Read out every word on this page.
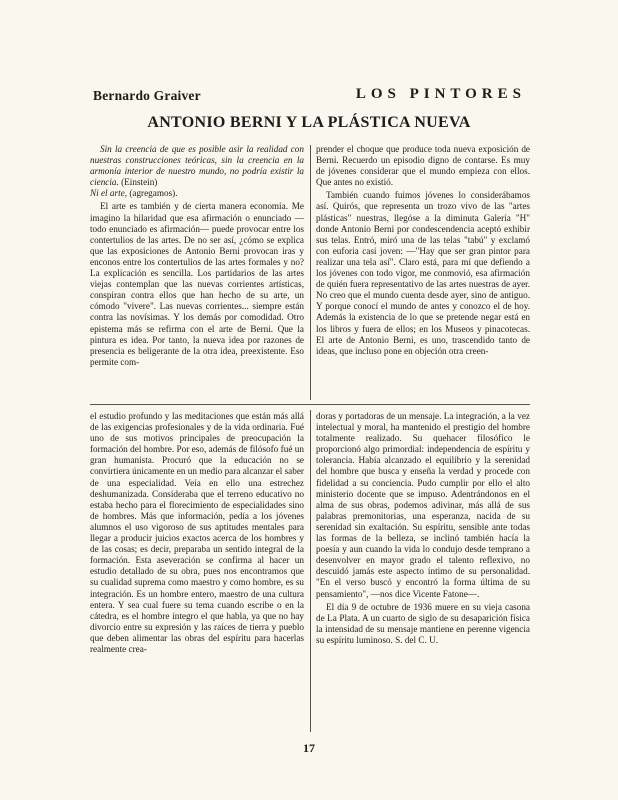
Bernardo Graiver	LOS PINTORES
ANTONIO BERNI Y LA PLÁSTICA NUEVA

Sin la creencia de que es posible asir la realidad con nuestras construcciones teóricas, sin la creencia en la armonía interior de nuestro mundo, no podría existir la ciencia. (Einstein)
Ni el arte, (agregamos).

El arte es también y de cierta manera economía. Me imagino la hilaridad que esa afirmación o enunciado —todo enunciado es afirmación— puede provocar entre los contertulios de las artes. De no ser así, ¿cómo se explica que las exposiciones de Antonio Berni provocan iras y enconos entre los contertulios de las artes formales y no? La explicación es sencilla. Los partidarios de las artes viejas contemplan que las nuevas corrientes artísticas, conspiran contra ellos que han hecho de su arte, un cómodo "vivere". Las nuevas corrientes... siempre están contra las novísimas. Y los demás por comodidad. Otro epistema más se refirma con el arte de Berni. Que la pintura es idea. Por tanto, la nueva idea por razones de presencia es beligerante de la otra idea, preexistente. Eso permite com-

prender el choque que produce toda nueva exposición de Berni. Recuerdo un episodio digno de contarse. Es muy de jóvenes considerar que el mundo empieza con ellos. Que antes no existió.

También cuando fuimos jóvenes lo considerábamos así. Quirós, que representa un trozo vivo de las "artes plásticas" nuestras, llegóse a la diminuta Galería "H" donde Antonio Berni por condescendencia aceptó exhibir sus telas. Entró, miró una de las telas "tabú" y exclamó con euforia casi joven: —"Hay que ser gran pintor para realizar una tela así". Claro está, para mí que defiendo a los jóvenes con todo vigor, me conmovió, esa afirmación de quién fuera representativo de las artes nuestras de ayer. No creo que el mundo cuenta desde ayer, sino de antiguo. Y porque conocí el mundo de antes y conozco el de hoy. Además la existencia de lo que se pretende negar está en los libros y fuera de ellos; en los Museos y pinacotecas. El arte de Antonio Berni, es uno, trascendido tanto de ideas, que incluso pone en objeción otra creen-

el estudio profundo y las meditaciones que están más allá de las exigencias profesionales y de la vida ordinaria. Fué uno de sus motivos principales de preocupación la formación del hombre. Por eso, además de filósofo fué un gran humanista. Procuró que la educación no se convirtiera únicamente en un medio para alcanzar el saber de una especialidad. Veía en ello una estrechez deshumanizada. Consideraba que el terreno educativo no estaba hecho para el florecimiento de especialidades sino de hombres. Más que información, pedía a los jóvenes alumnos el uso vigoroso de sus aptitudes mentales para llegar a producir juicios exactos acerca de los hombres y de las cosas; es decir, preparaba un sentido integral de la formación. Esta aseveración se confirma al hacer un estudio detallado de su obra, pues nos encontramos que su cualidad suprema como maestro y como hombre, es su integración. Es un hombre entero, maestro de una cultura entera. Y sea cual fuere su tema cuando escribe o en la cátedra, es el hombre íntegro el que habla, ya que no hay divorcio entre su expresión y las raíces de tierra y pueblo que deben alimentar las obras del espíritu para hacerlas realmente crea-

doras y portadoras de un mensaje. La integración, a la vez intelectual y moral, ha mantenido el prestigio del hombre totalmente realizado. Su quehacer filosófico le proporcionó algo primordial: independencia de espíritu y tolerancia. Había alcanzado el equilibrio y la serenidad del hombre que busca y enseña la verdad y procede con fidelidad a su conciencia. Pudo cumplir por ello el alto ministerio docente que se impuso. Adentrándonos en el alma de sus obras, podemos adivinar, más allá de sus palabras premonitorias, una esperanza, nacida de su serenidad sin exaltación. Su espíritu, sensible ante todas las formas de la belleza, se inclinó también hacía la poesía y aun cuando la vida lo condujo desde temprano a desenvolver en mayor grado el talento reflexivo, no descuidó jamás este aspecto íntimo de su personalidad. "En el verso buscó y encontró la forma última de su pensamiento", —nos dice Vicente Fatone—.

El día 9 de octubre de 1936 muere en su vieja casona de La Plata. A un cuarto de siglo de su desaparición física la intensidad de su mensaje mantiene en perenne vigencia su espíritu luminoso. S. del C. U.

17
